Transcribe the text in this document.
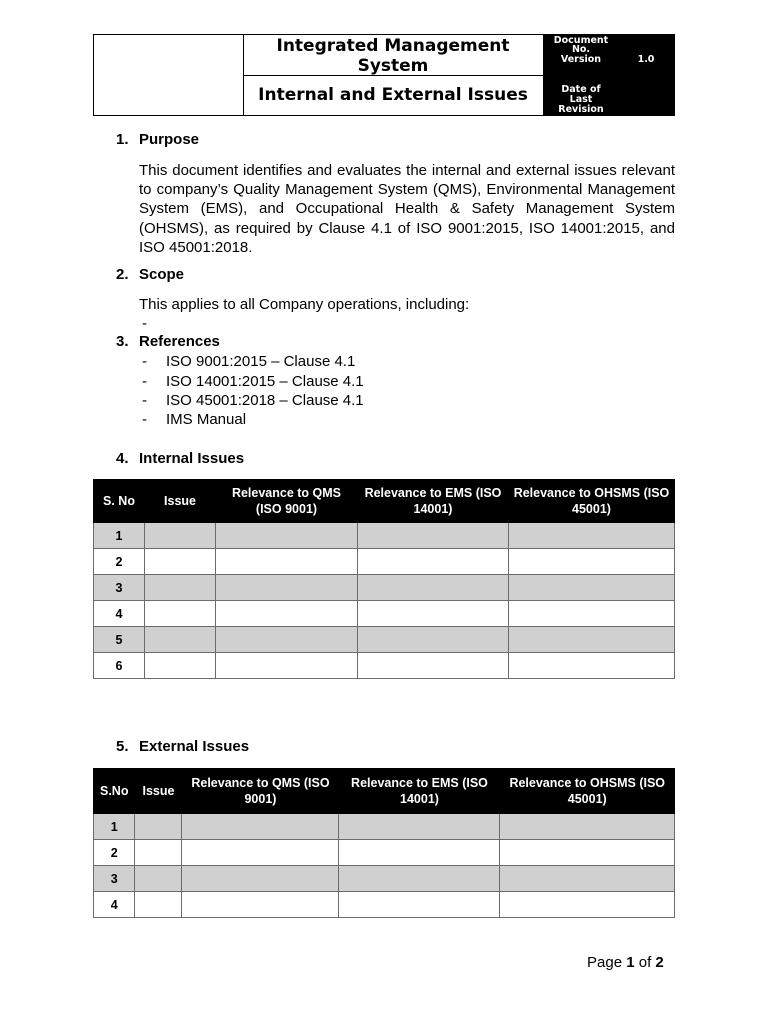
Integrated Management
System
Internal and External Issues
Document
No.
Version	1.0
Date of
Last
Revision
1. Purpose
This document identifies and evaluates the internal and external issues relevant to company’s Quality Management System (QMS), Environmental Management System (EMS), and Occupational Health & Safety Management System (OHSMS), as required by Clause 4.1 of ISO 9001:2015, ISO 14001:2015, and ISO 45001:2018.
2. Scope
This applies to all Company operations, including:
-
3. References
- ISO 9001:2015 – Clause 4.1
- ISO 14001:2015 – Clause 4.1
- ISO 45001:2018 – Clause 4.1
- IMS Manual
4. Internal Issues
S. No	Issue	Relevance to QMS (ISO 9001)	Relevance to EMS (ISO 14001)	Relevance to OHSMS (ISO 45001)
1				
2				
3				
4				
5				
6				
5. External Issues
S.No	Issue	Relevance to QMS (ISO 9001)	Relevance to EMS (ISO 14001)	Relevance to OHSMS (ISO 45001)
1				
2				
3				
4				
Page 1 of 2
